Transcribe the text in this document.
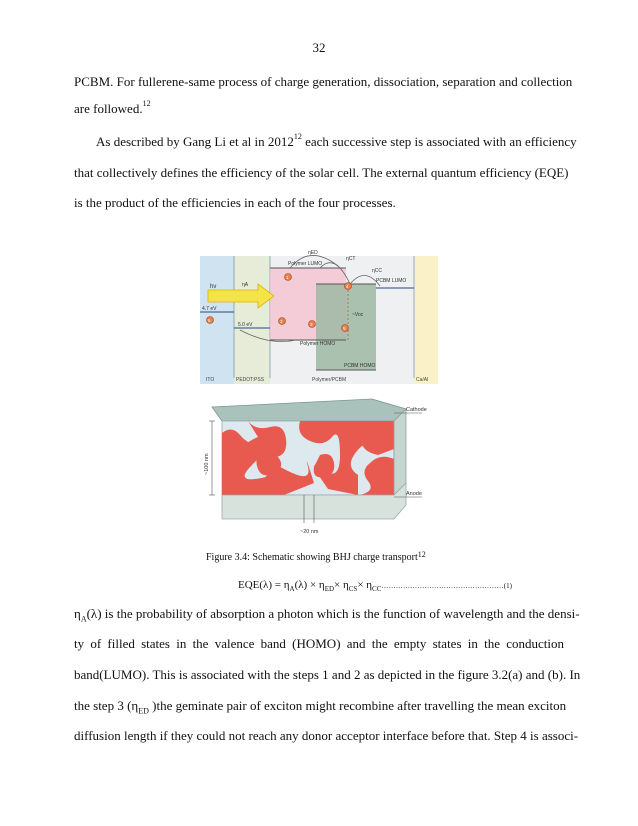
32
PCBM. For fullerene-same process of charge generation, dissociation, separation and collection
are followed.$^{12}$
As described by Gang Li et al in 2012$^{12}$ each successive step is associated with an efficiency
that collectively defines the efficiency of the solar cell. The external quantum efficiency (EQE)
is the product of the efficiencies in each of the four processes.
1
2
3
4
5
6
hν	ηA
ηED
ηCT
ηCC
Polymer LUMO
PCBM LUMO
Polymer HOMO
PCBM HOMO
~Voc
4.7 eV
5.0 eV
ITO	PEDOT:PSS	Polymer/PCBM	Ca/Al
Cathode
Anode
~100 nm
~20 nm
Figure 3.4: Schematic showing BHJ charge transport$^{12}$
$EQE(\lambda) = \eta_A(\lambda) \times \eta_{ED}\times \eta_{CS}\times$ $\eta_{CC}\dots\dots\dots\dots\dots\dots\dots\dots\dots\dots\dots\dots\dots\dots\dots\dots\dots(1)$
$\eta_A(\lambda)$ is the probability of absorption a photon which is the function of wavelength and the densi-
ty of filled states in the valence band (HOMO) and the empty states in the conduction
band(LUMO). This is associated with the steps 1 and 2 as depicted in the figure 3.2(a) and (b). In
the step 3 ($\eta_{ED}$ )the geminate pair of exciton might recombine after travelling the mean exciton
diffusion length if they could not reach any donor acceptor interface before that. Step 4 is associ-
